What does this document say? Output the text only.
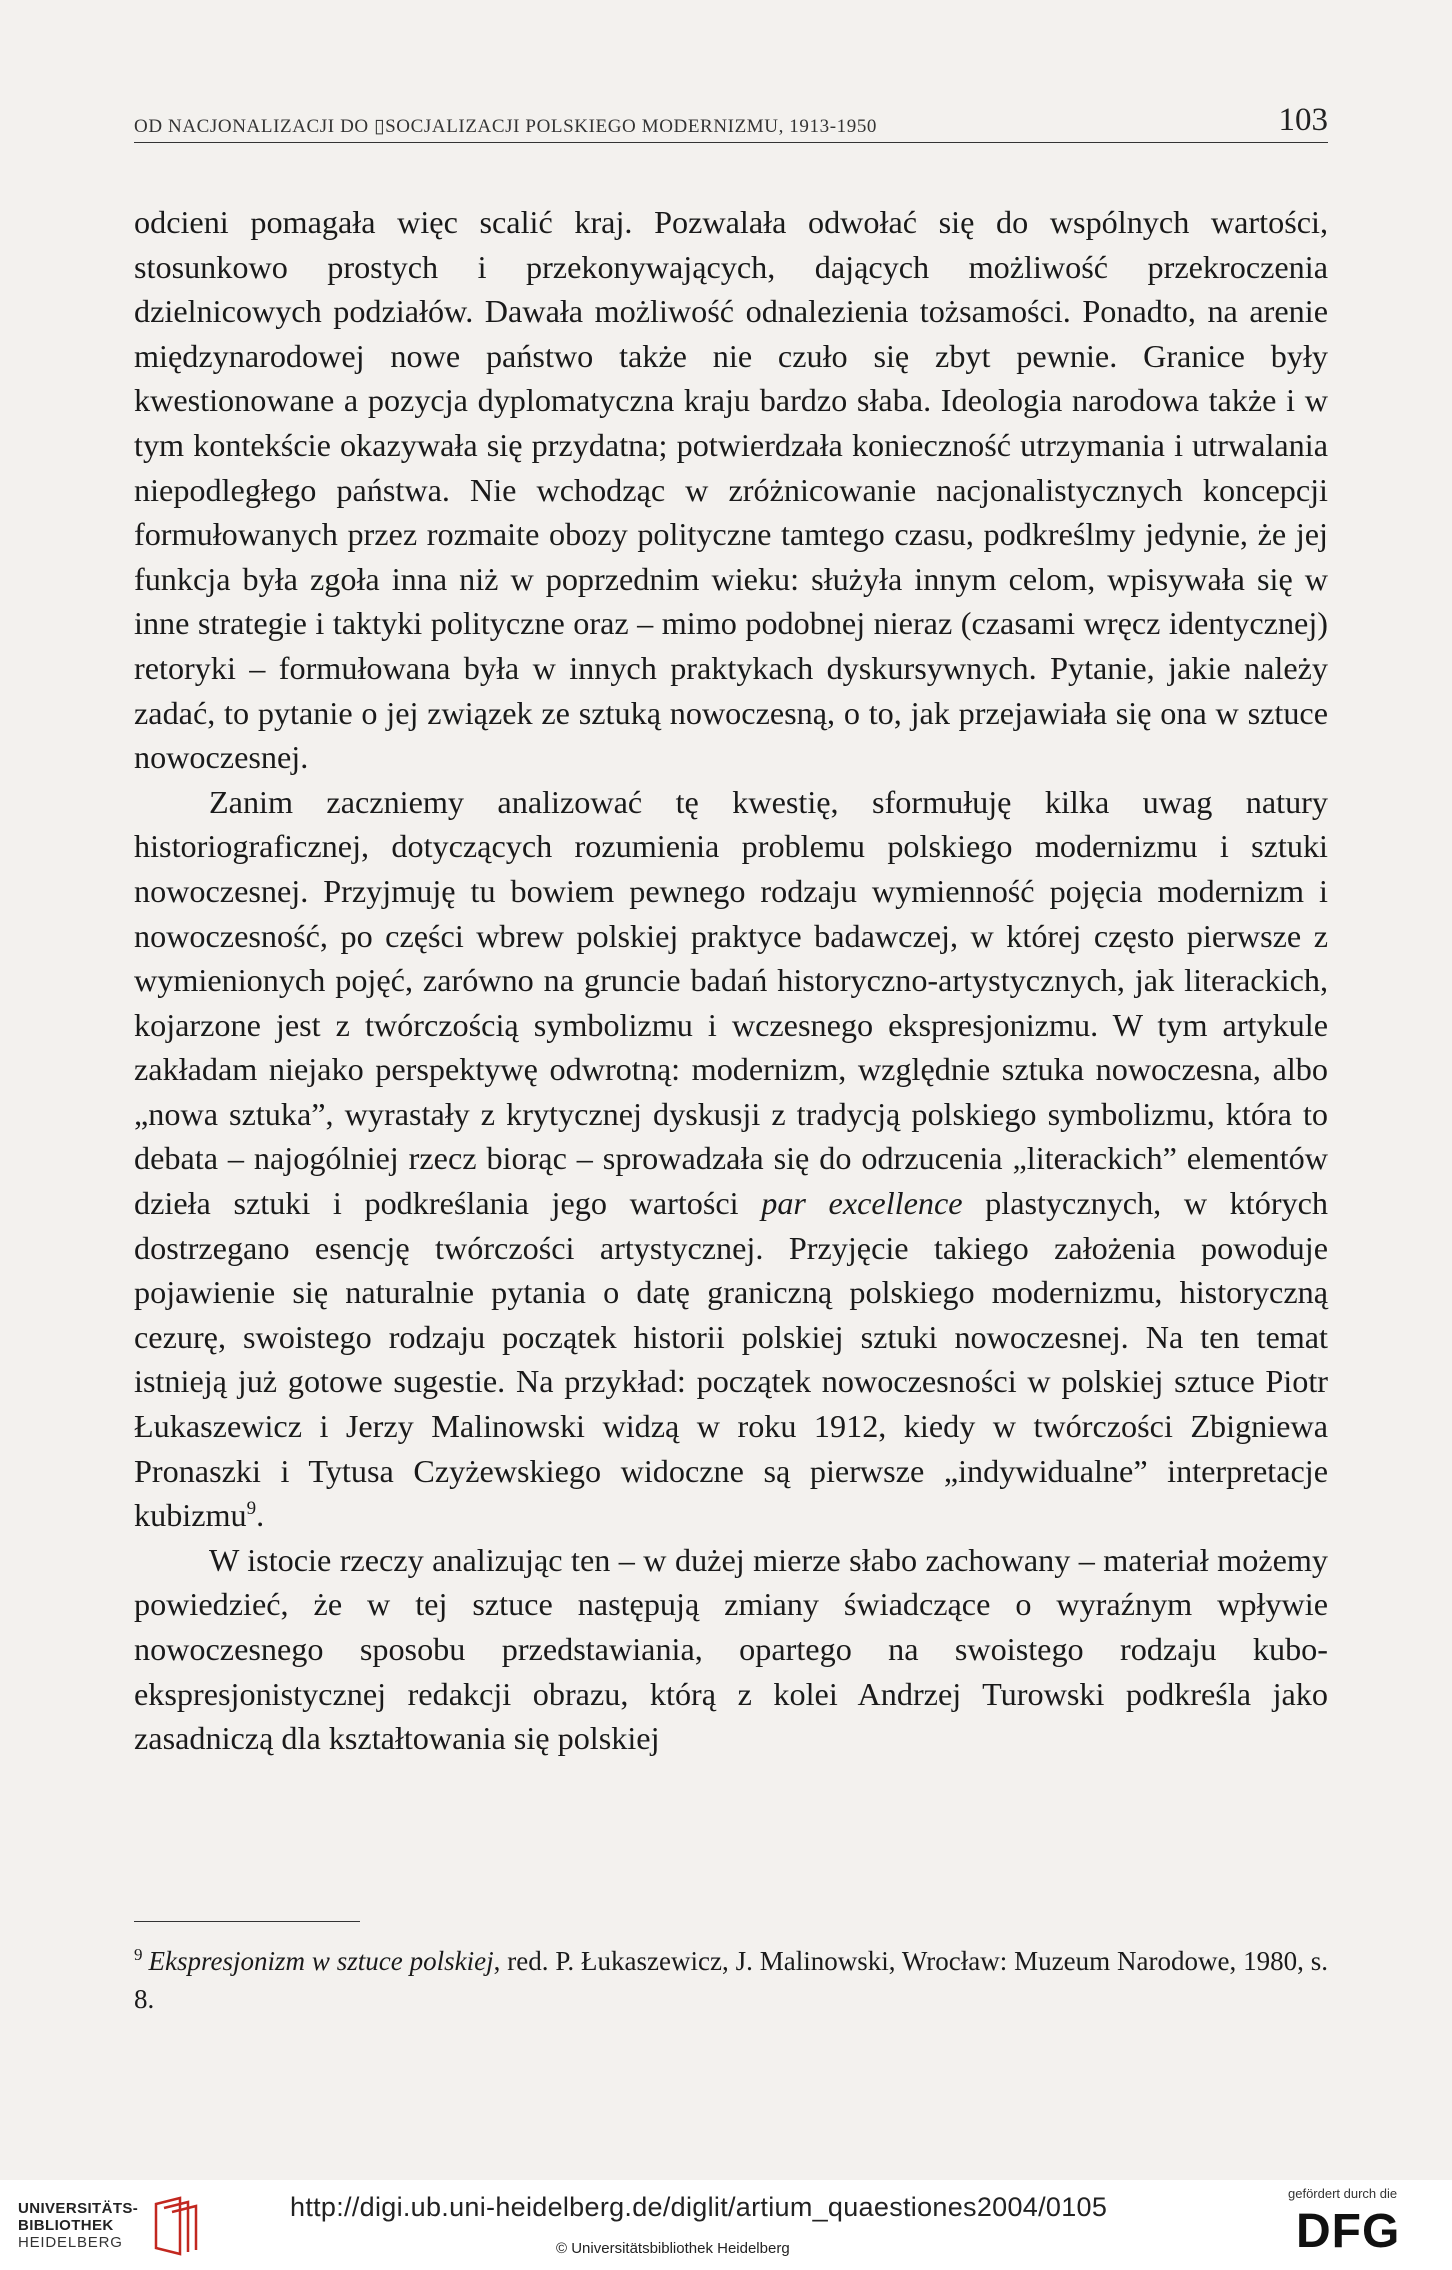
OD NACJONALIZACJI DO ▯SOCJALIZACJI POLSKIEGO MODERNIZMU, 1913-1950	103

odcieni pomagała więc scalić kraj. Pozwalała odwołać się do wspólnych wartości, stosunkowo prostych i przekonywających, dających możliwość przekroczenia dzielnicowych podziałów. Dawała możliwość odnalezienia tożsamości. Ponadto, na arenie międzynarodowej nowe państwo także nie czuło się zbyt pewnie. Granice były kwestionowane a pozycja dyplomatyczna kraju bardzo słaba. Ideologia narodowa także i w tym kontekście okazywała się przydatna; potwierdzała konieczność utrzymania i utrwalania niepodległego państwa. Nie wchodząc w zróżnicowanie nacjonalistycznych koncepcji formułowanych przez rozmaite obozy polityczne tamtego czasu, podkreślmy jedynie, że jej funkcja była zgoła inna niż w poprzednim wieku: służyła innym celom, wpisywała się w inne strategie i taktyki polityczne oraz – mimo podobnej nieraz (czasami wręcz identycznej) retoryki – formułowana była w innych praktykach dyskursywnych. Pytanie, jakie należy zadać, to pytanie o jej związek ze sztuką nowoczesną, o to, jak przejawiała się ona w sztuce nowoczesnej.

Zanim zaczniemy analizować tę kwestię, sformułuję kilka uwag natury historiograficznej, dotyczących rozumienia problemu polskiego modernizmu i sztuki nowoczesnej. Przyjmuję tu bowiem pewnego rodzaju wymienność pojęcia modernizm i nowoczesność, po części wbrew polskiej praktyce badawczej, w której często pierwsze z wymienionych pojęć, zarówno na gruncie badań historyczno-artystycznych, jak literackich, kojarzone jest z twórczością symbolizmu i wczesnego ekspresjonizmu. W tym artykule zakładam niejako perspektywę odwrotną: modernizm, względnie sztuka nowoczesna, albo „nowa sztuka”, wyrastały z krytycznej dyskusji z tradycją polskiego symbolizmu, która to debata – najogólniej rzecz biorąc – sprowadzała się do odrzucenia „literackich” elementów dzieła sztuki i podkreślania jego wartości par excellence plastycznych, w których dostrzegano esencję twórczości artystycznej. Przyjęcie takiego założenia powoduje pojawienie się naturalnie pytania o datę graniczną polskiego modernizmu, historyczną cezurę, swoistego rodzaju początek historii polskiej sztuki nowoczesnej. Na ten temat istnieją już gotowe sugestie. Na przykład: początek nowoczesności w polskiej sztuce Piotr Łukaszewicz i Jerzy Malinowski widzą w roku 1912, kiedy w twórczości Zbigniewa Pronaszki i Tytusa Czyżewskiego widoczne są pierwsze „indywidualne” interpretacje kubizmu$^9$.

W istocie rzeczy analizując ten – w dużej mierze słabo zachowany – materiał możemy powiedzieć, że w tej sztuce następują zmiany świadczące o wyraźnym wpływie nowoczesnego sposobu przedstawiania, opartego na swoistego rodzaju kubo-ekspresjonistycznej redakcji obrazu, którą z kolei Andrzej Turowski podkreśla jako zasadniczą dla kształtowania się polskiej

$^9$ Ekspresjonizm w sztuce polskiej, red. P. Łukaszewicz, J. Malinowski, Wrocław: Muzeum Narodowe, 1980, s. 8.
UNIVERSITÄTS-
BIBLIOTHEK
HEIDELBERG
http://digi.ub.uni-heidelberg.de/diglit/artium_quaestiones2004/0105
© Universitätsbibliothek Heidelberg
gefördert durch die
DFG
